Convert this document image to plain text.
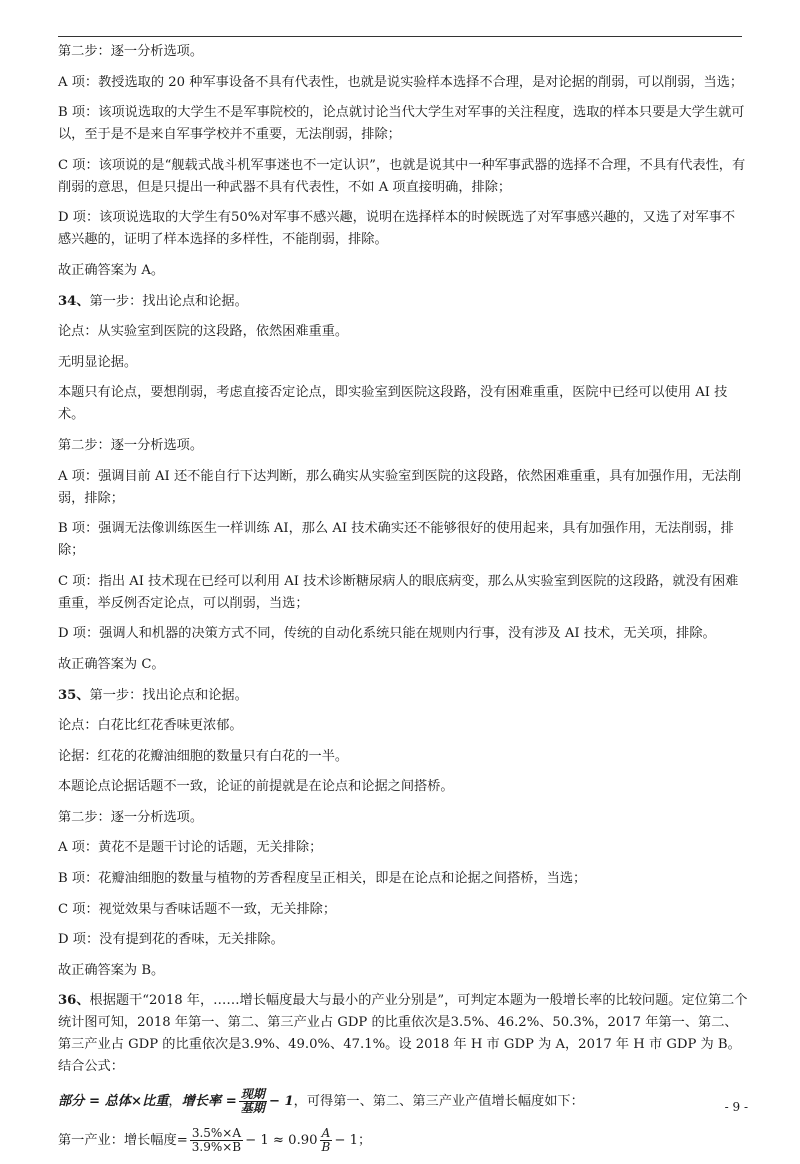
第二步：逐一分析选项。

A 项：教授选取的 20 种军事设备不具有代表性，也就是说实验样本选择不合理，是对论据的削弱，可以削弱，当选；

B 项：该项说选取的大学生不是军事院校的，论点就讨论当代大学生对军事的关注程度，选取的样本只要是大学生就可以，至于是不是来自军事学校并不重要，无法削弱，排除；

C 项：该项说的是“舰载式战斗机军事迷也不一定认识”，也就是说其中一种军事武器的选择不合理，不具有代表性，有削弱的意思，但是只提出一种武器不具有代表性，不如 A 项直接明确，排除；

D 项：该项说选取的大学生有50%对军事不感兴趣，说明在选择样本的时候既选了对军事感兴趣的，又选了对军事不感兴趣的，证明了样本选择的多样性，不能削弱，排除。

故正确答案为 A。

34、第一步：找出论点和论据。

论点：从实验室到医院的这段路，依然困难重重。

无明显论据。

本题只有论点，要想削弱，考虑直接否定论点，即实验室到医院这段路，没有困难重重，医院中已经可以使用 AI 技术。

第二步：逐一分析选项。

A 项：强调目前 AI 还不能自行下达判断，那么确实从实验室到医院的这段路，依然困难重重，具有加强作用，无法削弱，排除；

B 项：强调无法像训练医生一样训练 AI，那么 AI 技术确实还不能够很好的使用起来，具有加强作用，无法削弱，排除；

C 项：指出 AI 技术现在已经可以利用 AI 技术诊断糖尿病人的眼底病变，那么从实验室到医院的这段路，就没有困难重重，举反例否定论点，可以削弱，当选；

D 项：强调人和机器的决策方式不同，传统的自动化系统只能在规则内行事，没有涉及 AI 技术，无关项，排除。

故正确答案为 C。

35、第一步：找出论点和论据。

论点：白花比红花香味更浓郁。

论据：红花的花瓣油细胞的数量只有白花的一半。

本题论点论据话题不一致，论证的前提就是在论点和论据之间搭桥。

第二步：逐一分析选项。

A 项：黄花不是题干讨论的话题，无关排除；

B 项：花瓣油细胞的数量与植物的芳香程度呈正相关，即是在论点和论据之间搭桥，当选；

C 项：视觉效果与香味话题不一致，无关排除；

D 项：没有提到花的香味，无关排除。

故正确答案为 B。

36、根据题干“2018 年，……增长幅度最大与最小的产业分别是”，可判定本题为一般增长率的比较问题。定位第二个统计图可知，2018 年第一、第二、第三产业占 GDP 的比重依次是3.5%、46.2%、50.3%，2017 年第一、第二、第三产业占 GDP 的比重依次是3.9%、49.0%、47.1%。设 2018 年 H 市 GDP 为 A，2017 年 H 市 GDP 为 B。结合公式：

部分 = 总体×比重，增长率 = $\frac{\text{现期}}{\text{基期}} - 1$，可得第一、第二、第三产业产值增长幅度如下：

第一产业：增长幅度= $\frac{3.5\%\times A}{3.9\%\times B} - 1 \approx 0.90 \frac{A}{B} - 1$；

- 9 -
